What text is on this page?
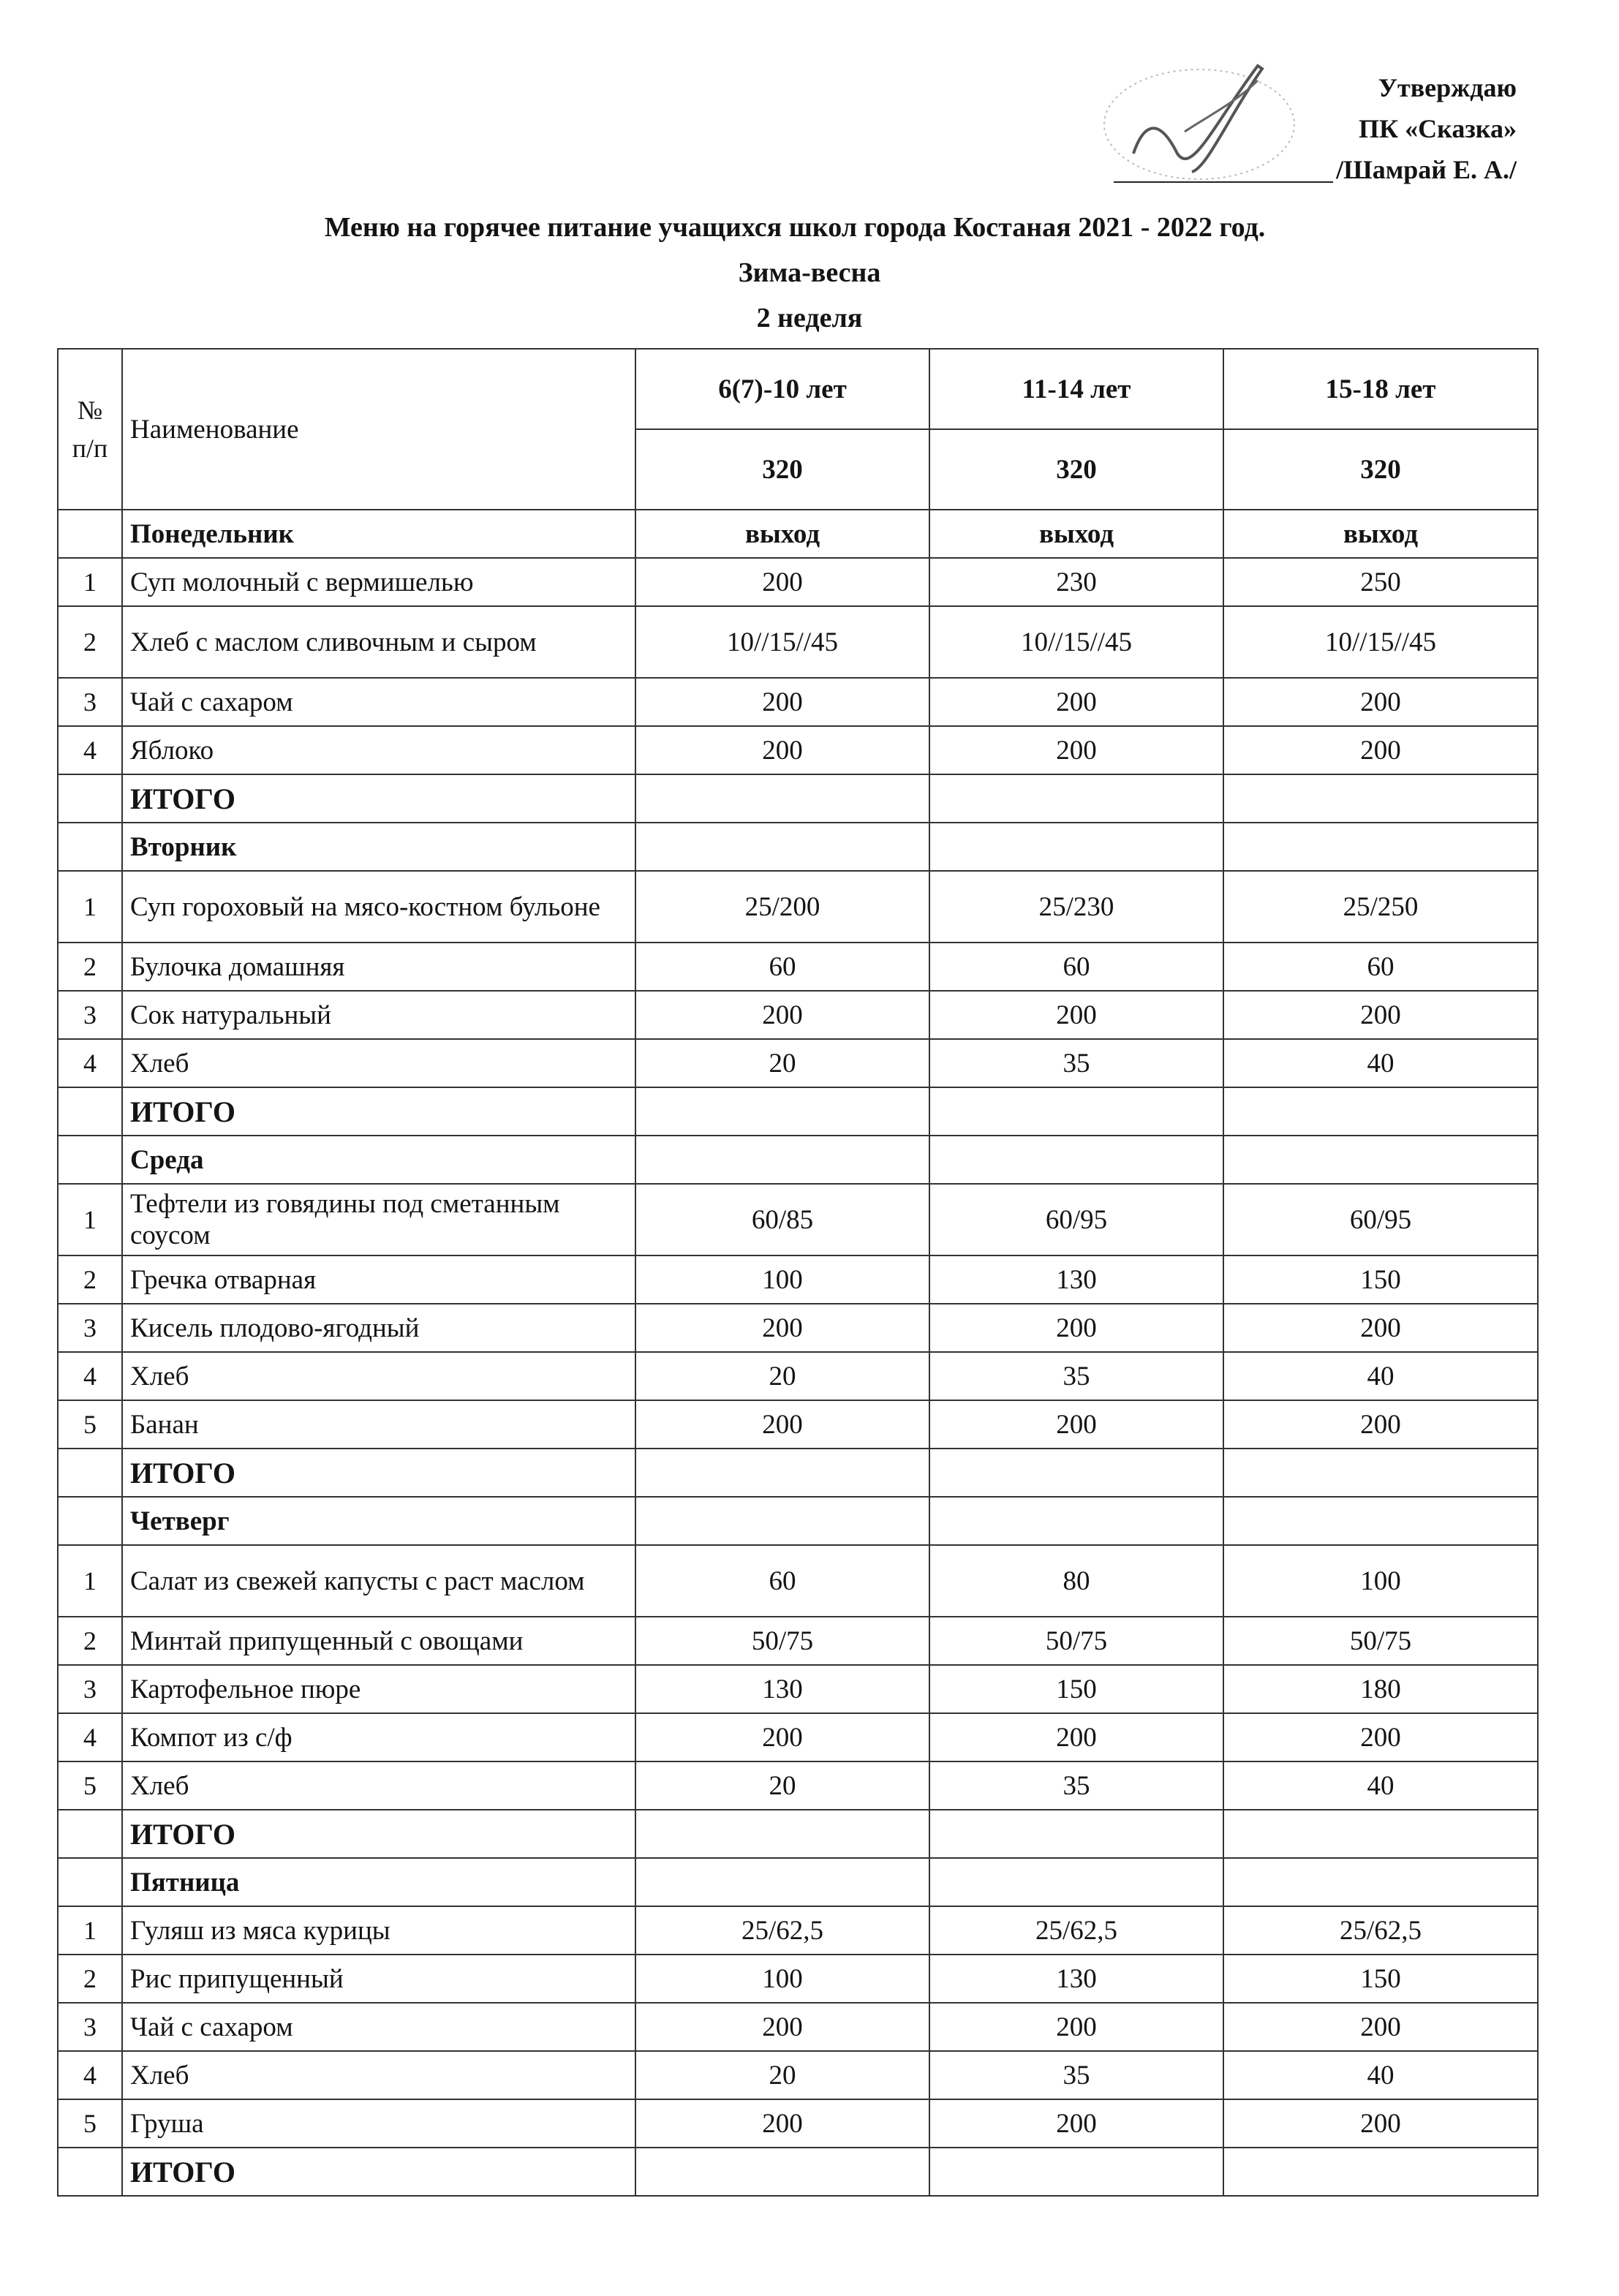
Утверждаю
ПК «Сказка»
/Шамрай Е. А./
Меню на горячее питание учащихся школ города Костаная 2021 - 2022 год.
Зима-весна
2 неделя
№ п/п	Наименование	6(7)-10 лет	11-14 лет	15-18 лет
		320	320	320
	Понедельник	выход	выход	выход
1	Суп молочный с вермишелью	200	230	250
2	Хлеб с маслом сливочным и сыром	10//15//45	10//15//45	10//15//45
3	Чай с сахаром	200	200	200
4	Яблоко	200	200	200
	ИТОГО			
	Вторник			
1	Суп гороховый на мясо-костном бульоне	25/200	25/230	25/250
2	Булочка домашняя	60	60	60
3	Сок натуральный	200	200	200
4	Хлеб	20	35	40
	ИТОГО			
	Среда			
1	Тефтели из говядины под сметанным соусом	60/85	60/95	60/95
2	Гречка отварная	100	130	150
3	Кисель плодово-ягодный	200	200	200
4	Хлеб	20	35	40
5	Банан	200	200	200
	ИТОГО			
	Четверг			
1	Салат из свежей капусты с раст маслом	60	80	100
2	Минтай припущенный с овощами	50/75	50/75	50/75
3	Картофельное пюре	130	150	180
4	Компот из с/ф	200	200	200
5	Хлеб	20	35	40
	ИТОГО			
	Пятница			
1	Гуляш из мяса курицы	25/62,5	25/62,5	25/62,5
2	Рис припущенный	100	130	150
3	Чай с сахаром	200	200	200
4	Хлеб	20	35	40
5	Груша	200	200	200
	ИТОГО			
